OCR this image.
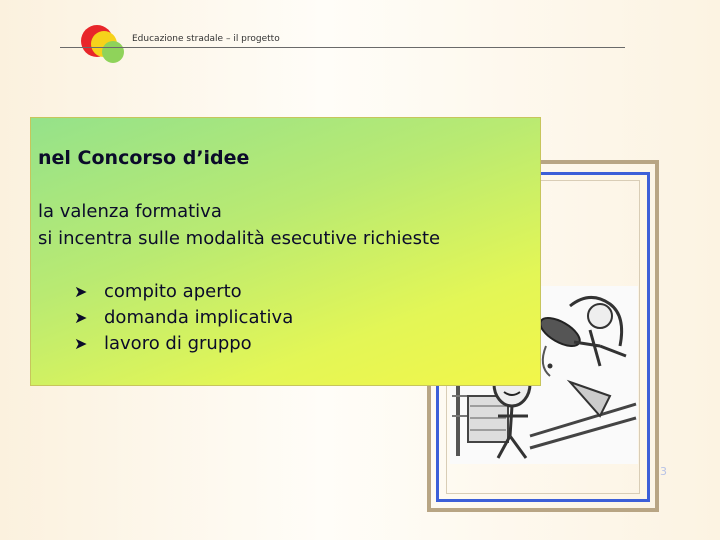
Educazione stradale – il progetto
3
nel Concorso d’idee
la valenza formativa
si incentra sulle modalità esecutive richieste
➤ compito aperto
➤ domanda implicativa
➤ lavoro di gruppo
